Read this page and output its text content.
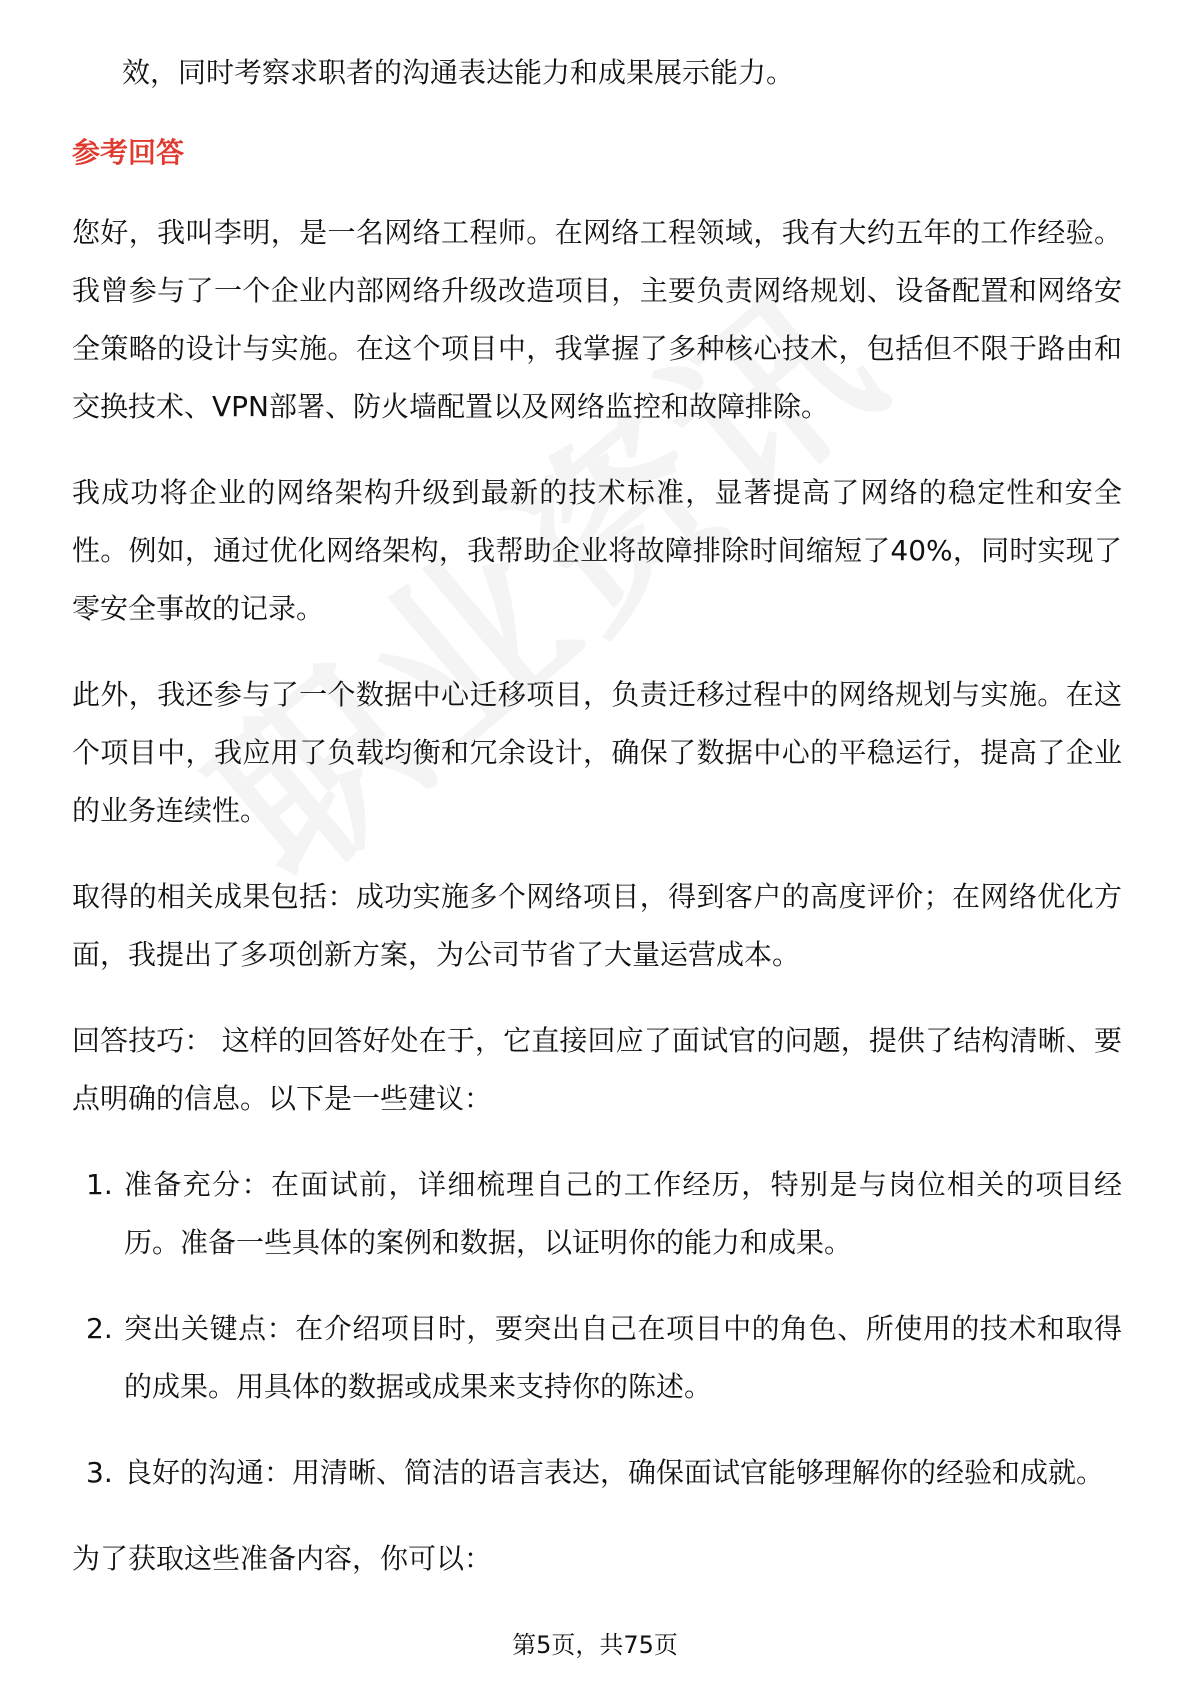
效，同时考察求职者的沟通表达能力和成果展示能力。

参考回答

您好，我叫李明，是一名网络工程师。在网络工程领域，我有大约五年的工作经验。我曾参与了一个企业内部网络升级改造项目，主要负责网络规划、设备配置和网络安全策略的设计与实施。在这个项目中，我掌握了多种核心技术，包括但不限于路由和交换技术、VPN部署、防火墙配置以及网络监控和故障排除。

我成功将企业的网络架构升级到最新的技术标准，显著提高了网络的稳定性和安全性。例如，通过优化网络架构，我帮助企业将故障排除时间缩短了40%，同时实现了零安全事故的记录。

此外，我还参与了一个数据中心迁移项目，负责迁移过程中的网络规划与实施。在这个项目中，我应用了负载均衡和冗余设计，确保了数据中心的平稳运行，提高了企业的业务连续性。

取得的相关成果包括：成功实施多个网络项目，得到客户的高度评价；在网络优化方面，我提出了多项创新方案，为公司节省了大量运营成本。

回答技巧： 这样的回答好处在于，它直接回应了面试官的问题，提供了结构清晰、要点明确的信息。以下是一些建议：

1. 准备充分：在面试前，详细梳理自己的工作经历，特别是与岗位相关的项目经历。准备一些具体的案例和数据，以证明你的能力和成果。

2. 突出关键点：在介绍项目时，要突出自己在项目中的角色、所使用的技术和取得的成果。用具体的数据或成果来支持你的陈述。

3. 良好的沟通：用清晰、简洁的语言表达，确保面试官能够理解你的经验和成就。

为了获取这些准备内容，你可以：

第5页，共75页
